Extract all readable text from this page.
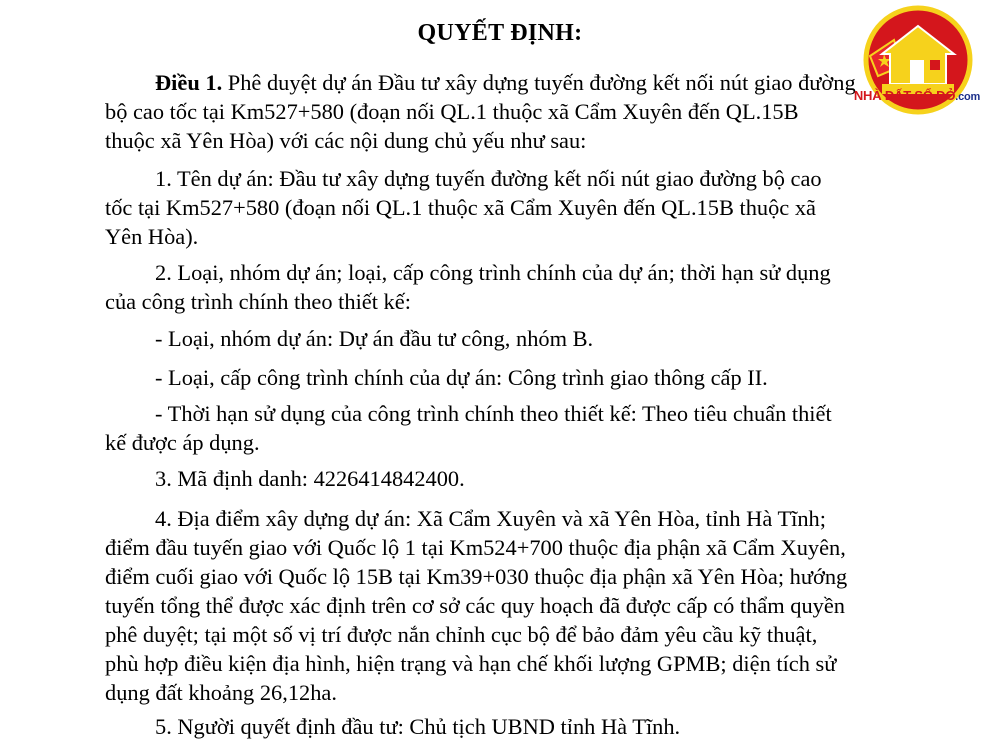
QUYẾT ĐỊNH:
Điều 1. Phê duyệt dự án Đầu tư xây dựng tuyến đường kết nối nút giao đường
bộ cao tốc tại Km527+580 (đoạn nối QL.1 thuộc xã Cẩm Xuyên đến QL.15B
thuộc xã Yên Hòa) với các nội dung chủ yếu như sau:
1. Tên dự án: Đầu tư xây dựng tuyến đường kết nối nút giao đường bộ cao
tốc tại Km527+580 (đoạn nối QL.1 thuộc xã Cẩm Xuyên đến QL.15B thuộc xã
Yên Hòa).
2. Loại, nhóm dự án; loại, cấp công trình chính của dự án; thời hạn sử dụng
của công trình chính theo thiết kế:
- Loại, nhóm dự án: Dự án đầu tư công, nhóm B.
- Loại, cấp công trình chính của dự án: Công trình giao thông cấp II.
- Thời hạn sử dụng của công trình chính theo thiết kế: Theo tiêu chuẩn thiết
kế được áp dụng.
3. Mã định danh: 4226414842400.
4. Địa điểm xây dựng dự án: Xã Cẩm Xuyên và xã Yên Hòa, tỉnh Hà Tĩnh;
điểm đầu tuyến giao với Quốc lộ 1 tại Km524+700 thuộc địa phận xã Cẩm Xuyên,
điểm cuối giao với Quốc lộ 15B tại Km39+030 thuộc địa phận xã Yên Hòa; hướng
tuyến tổng thể được xác định trên cơ sở các quy hoạch đã được cấp có thẩm quyền
phê duyệt; tại một số vị trí được nắn chỉnh cục bộ để bảo đảm yêu cầu kỹ thuật,
phù hợp điều kiện địa hình, hiện trạng và hạn chế khối lượng GPMB; diện tích sử
dụng đất khoảng 26,12ha.
5. Người quyết định đầu tư: Chủ tịch UBND tỉnh Hà Tĩnh.
NHÀ ĐẤT SỔ ĐỎ.com
